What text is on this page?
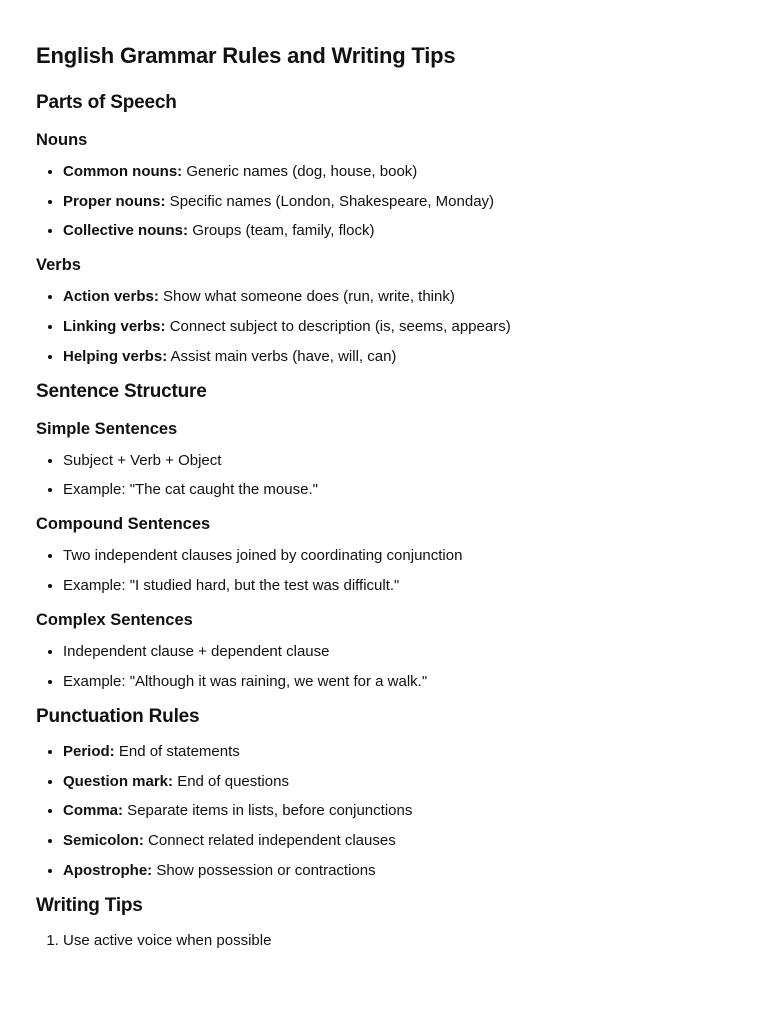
English Grammar Rules and Writing Tips
Parts of Speech
Nouns
• Common nouns: Generic names (dog, house, book)
• Proper nouns: Specific names (London, Shakespeare, Monday)
• Collective nouns: Groups (team, family, flock)
Verbs
• Action verbs: Show what someone does (run, write, think)
• Linking verbs: Connect subject to description (is, seems, appears)
• Helping verbs: Assist main verbs (have, will, can)
Sentence Structure
Simple Sentences
• Subject + Verb + Object
• Example: "The cat caught the mouse."
Compound Sentences
• Two independent clauses joined by coordinating conjunction
• Example: "I studied hard, but the test was difficult."
Complex Sentences
• Independent clause + dependent clause
• Example: "Although it was raining, we went for a walk."
Punctuation Rules
• Period: End of statements
• Question mark: End of questions
• Comma: Separate items in lists, before conjunctions
• Semicolon: Connect related independent clauses
• Apostrophe: Show possession or contractions
Writing Tips
1. Use active voice when possible
